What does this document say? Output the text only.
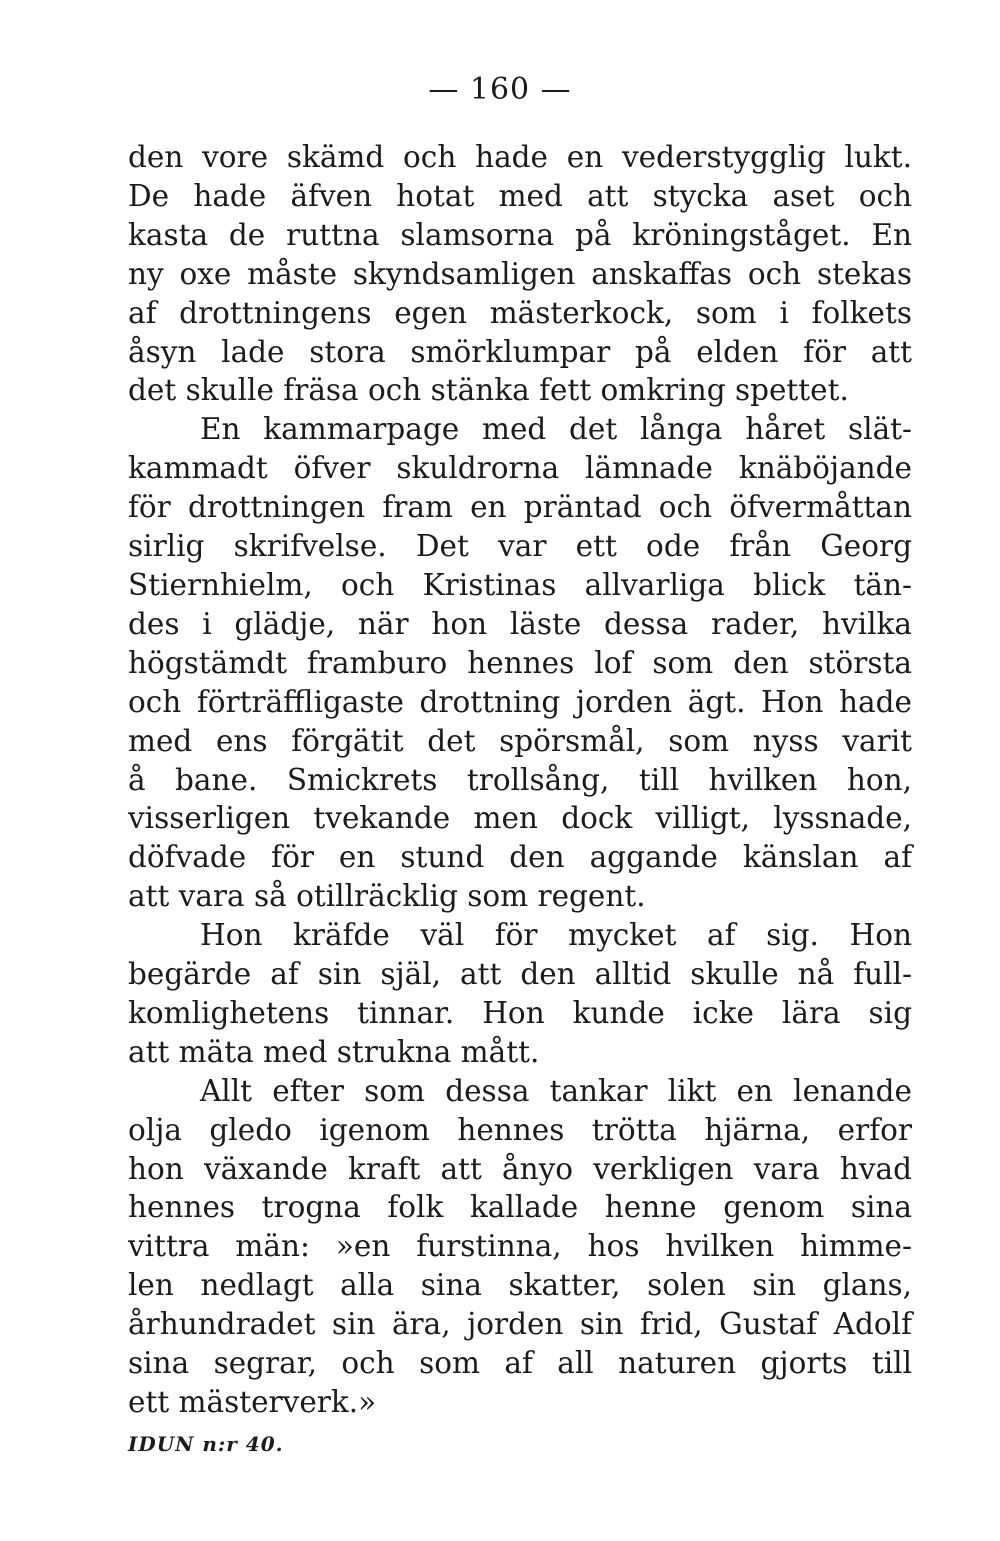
— 160 —
den vore skämd och hade en vederstygglig lukt.
De hade äfven hotat med att stycka aset och
kasta de ruttna slamsorna på kröningståget. En
ny oxe måste skyndsamligen anskaffas och stekas
af drottningens egen mästerkock, som i folkets
åsyn lade stora smörklumpar på elden för att
det skulle fräsa och stänka fett omkring spettet.
En kammarpage med det långa håret slät-
kammadt öfver skuldrorna lämnade knäböjande
för drottningen fram en präntad och öfvermåttan
sirlig skrifvelse. Det var ett ode från Georg
Stiernhielm, och Kristinas allvarliga blick tän-
des i glädje, när hon läste dessa rader, hvilka
högstämdt framburo hennes lof som den största
och förträffligaste drottning jorden ägt. Hon hade
med ens förgätit det spörsmål, som nyss varit
å bane. Smickrets trollsång, till hvilken hon,
visserligen tvekande men dock villigt, lyssnade,
döfvade för en stund den aggande känslan af
att vara så otillräcklig som regent.
Hon kräfde väl för mycket af sig. Hon
begärde af sin själ, att den alltid skulle nå full-
komlighetens tinnar. Hon kunde icke lära sig
att mäta med strukna mått.
Allt efter som dessa tankar likt en lenande
olja gledo igenom hennes trötta hjärna, erfor
hon växande kraft att ånyo verkligen vara hvad
hennes trogna folk kallade henne genom sina
vittra män: »en furstinna, hos hvilken himme-
len nedlagt alla sina skatter, solen sin glans,
århundradet sin ära, jorden sin frid, Gustaf Adolf
sina segrar, och som af all naturen gjorts till
ett mästerverk.»
IDUN n:r 40.
